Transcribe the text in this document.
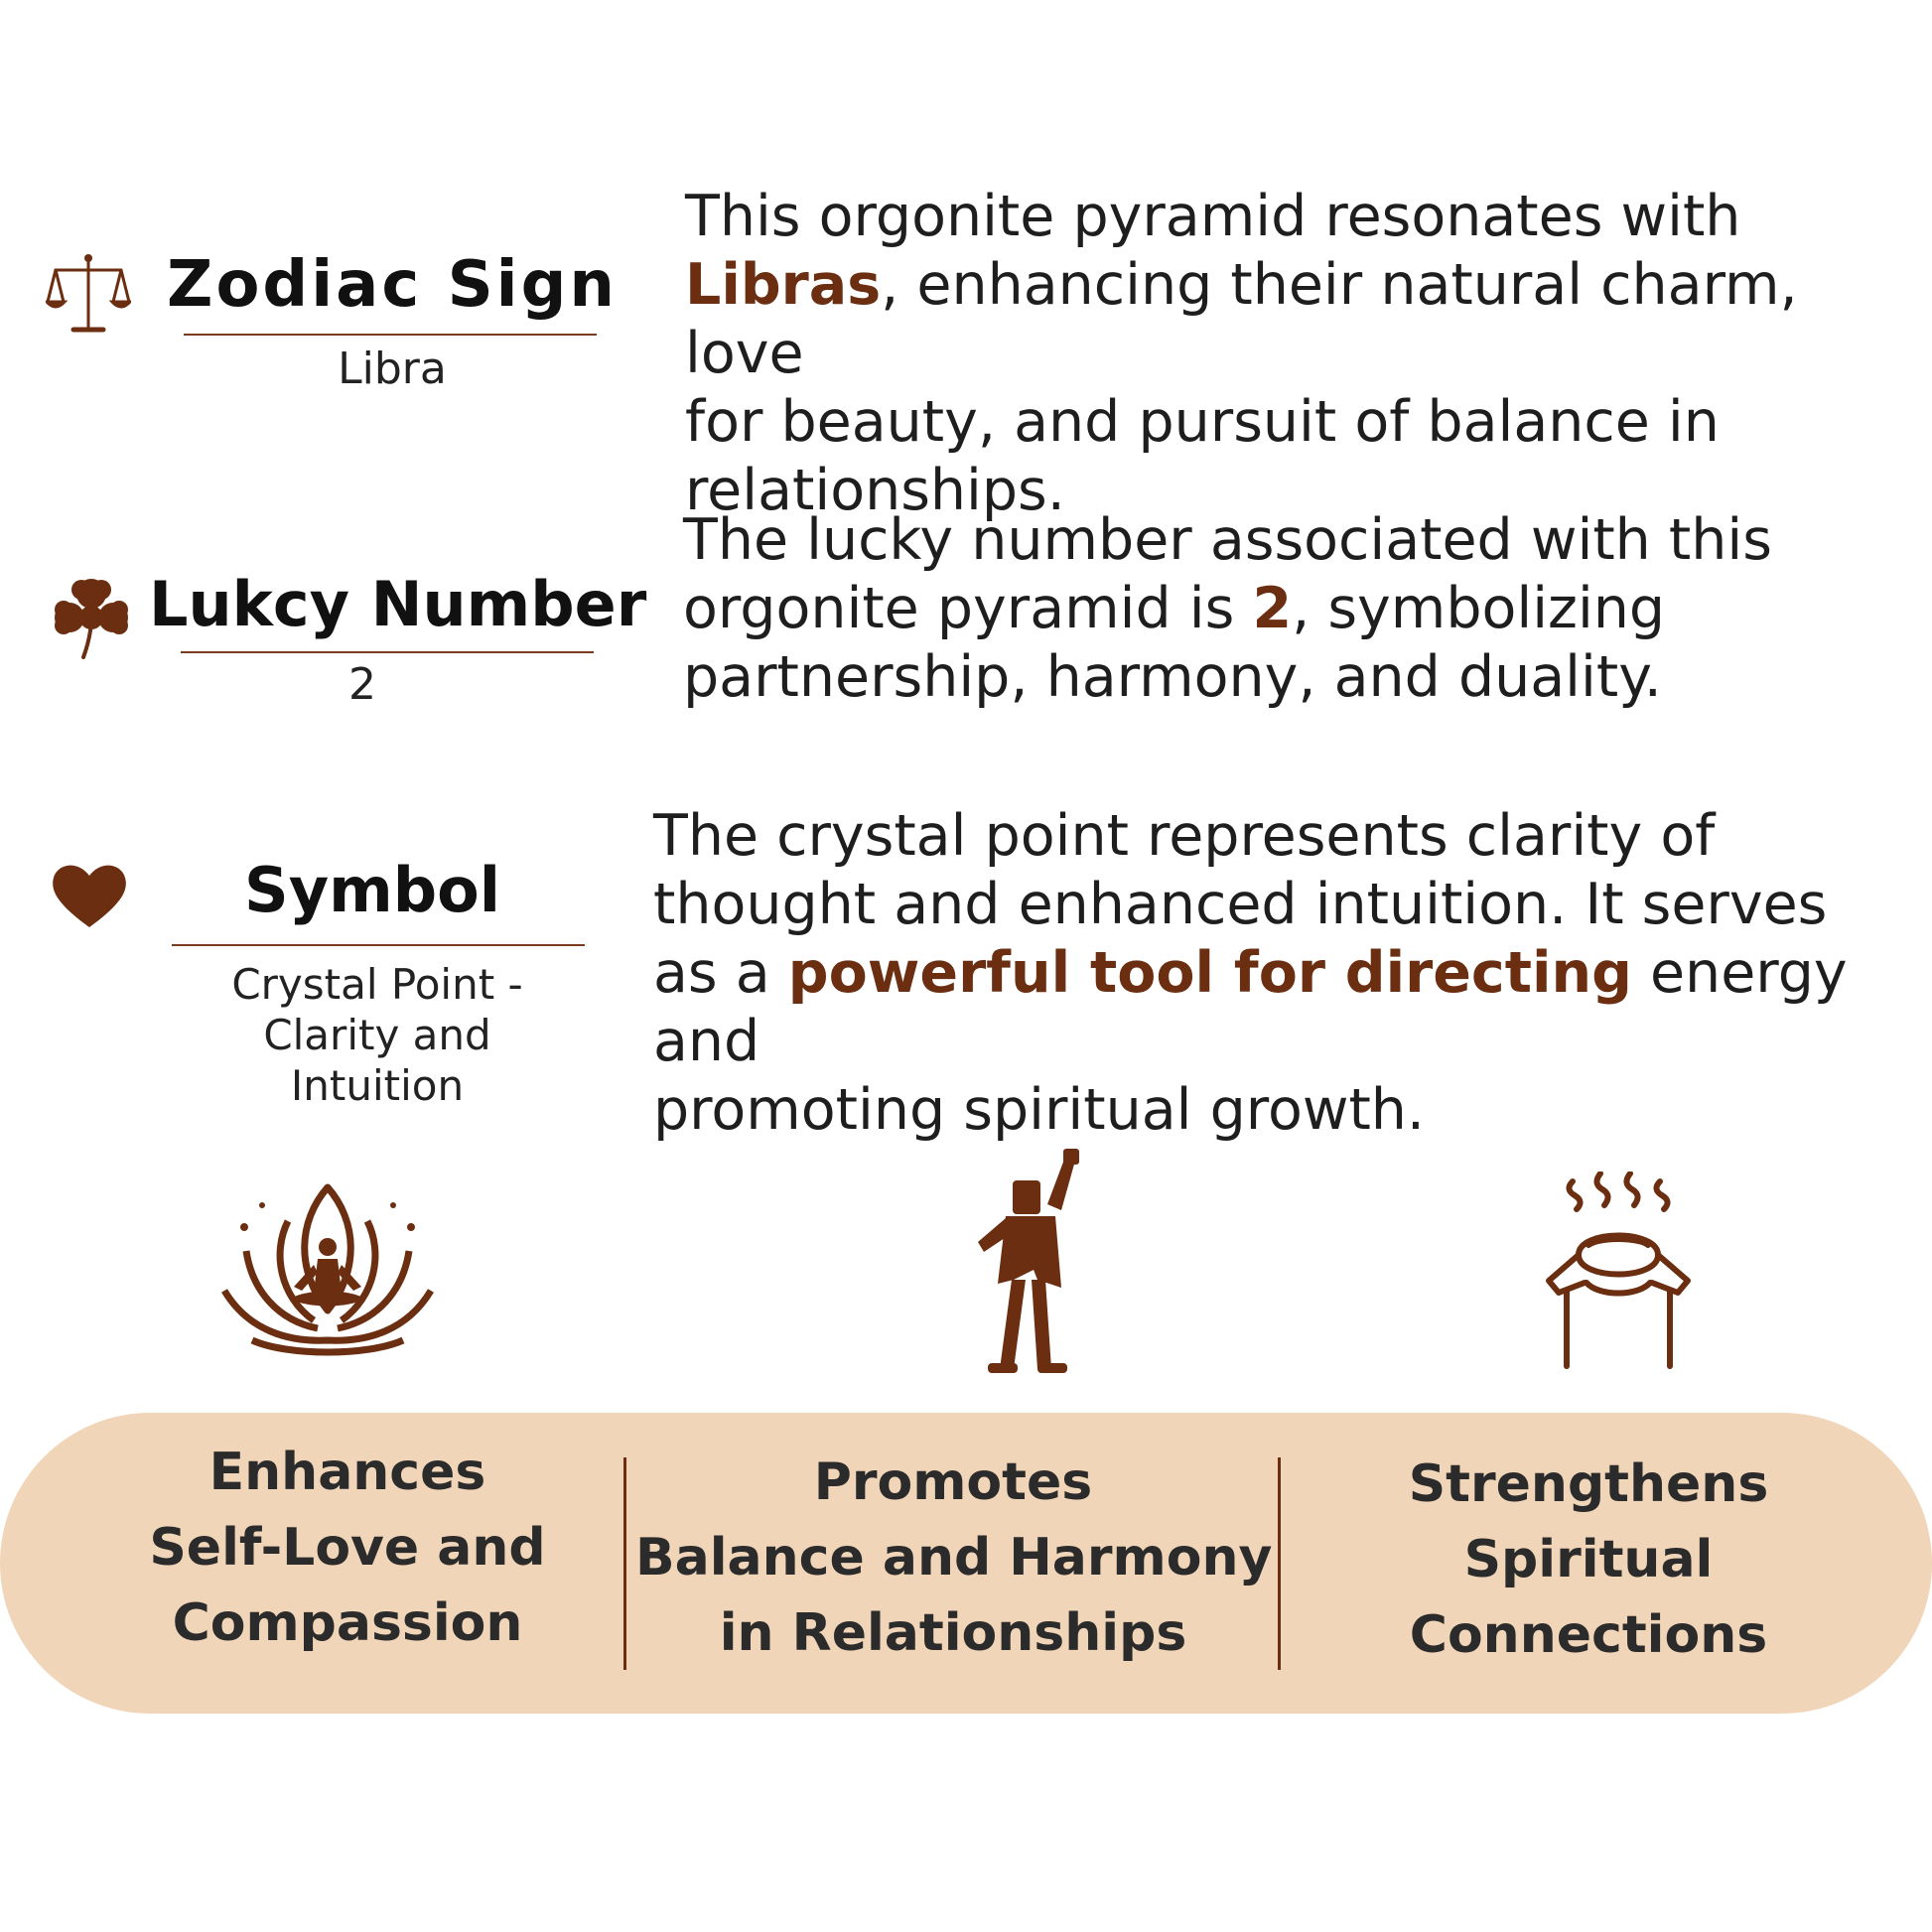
Zodiac Sign
Libra
This orgonite pyramid resonates with
Libras, enhancing their natural charm, love
for beauty, and pursuit of balance in
relationships.
Lukcy Number
2
The lucky number associated with this
orgonite pyramid is 2, symbolizing
partnership, harmony, and duality.
Symbol
Crystal Point -
Clarity and
Intuition
The crystal point represents clarity of
thought and enhanced intuition. It serves
as a powerful tool for directing energy and
promoting spiritual growth.
Enhances
Self-Love and
Compassion
Promotes
Balance and Harmony
in Relationships
Strengthens
Spiritual
Connections
